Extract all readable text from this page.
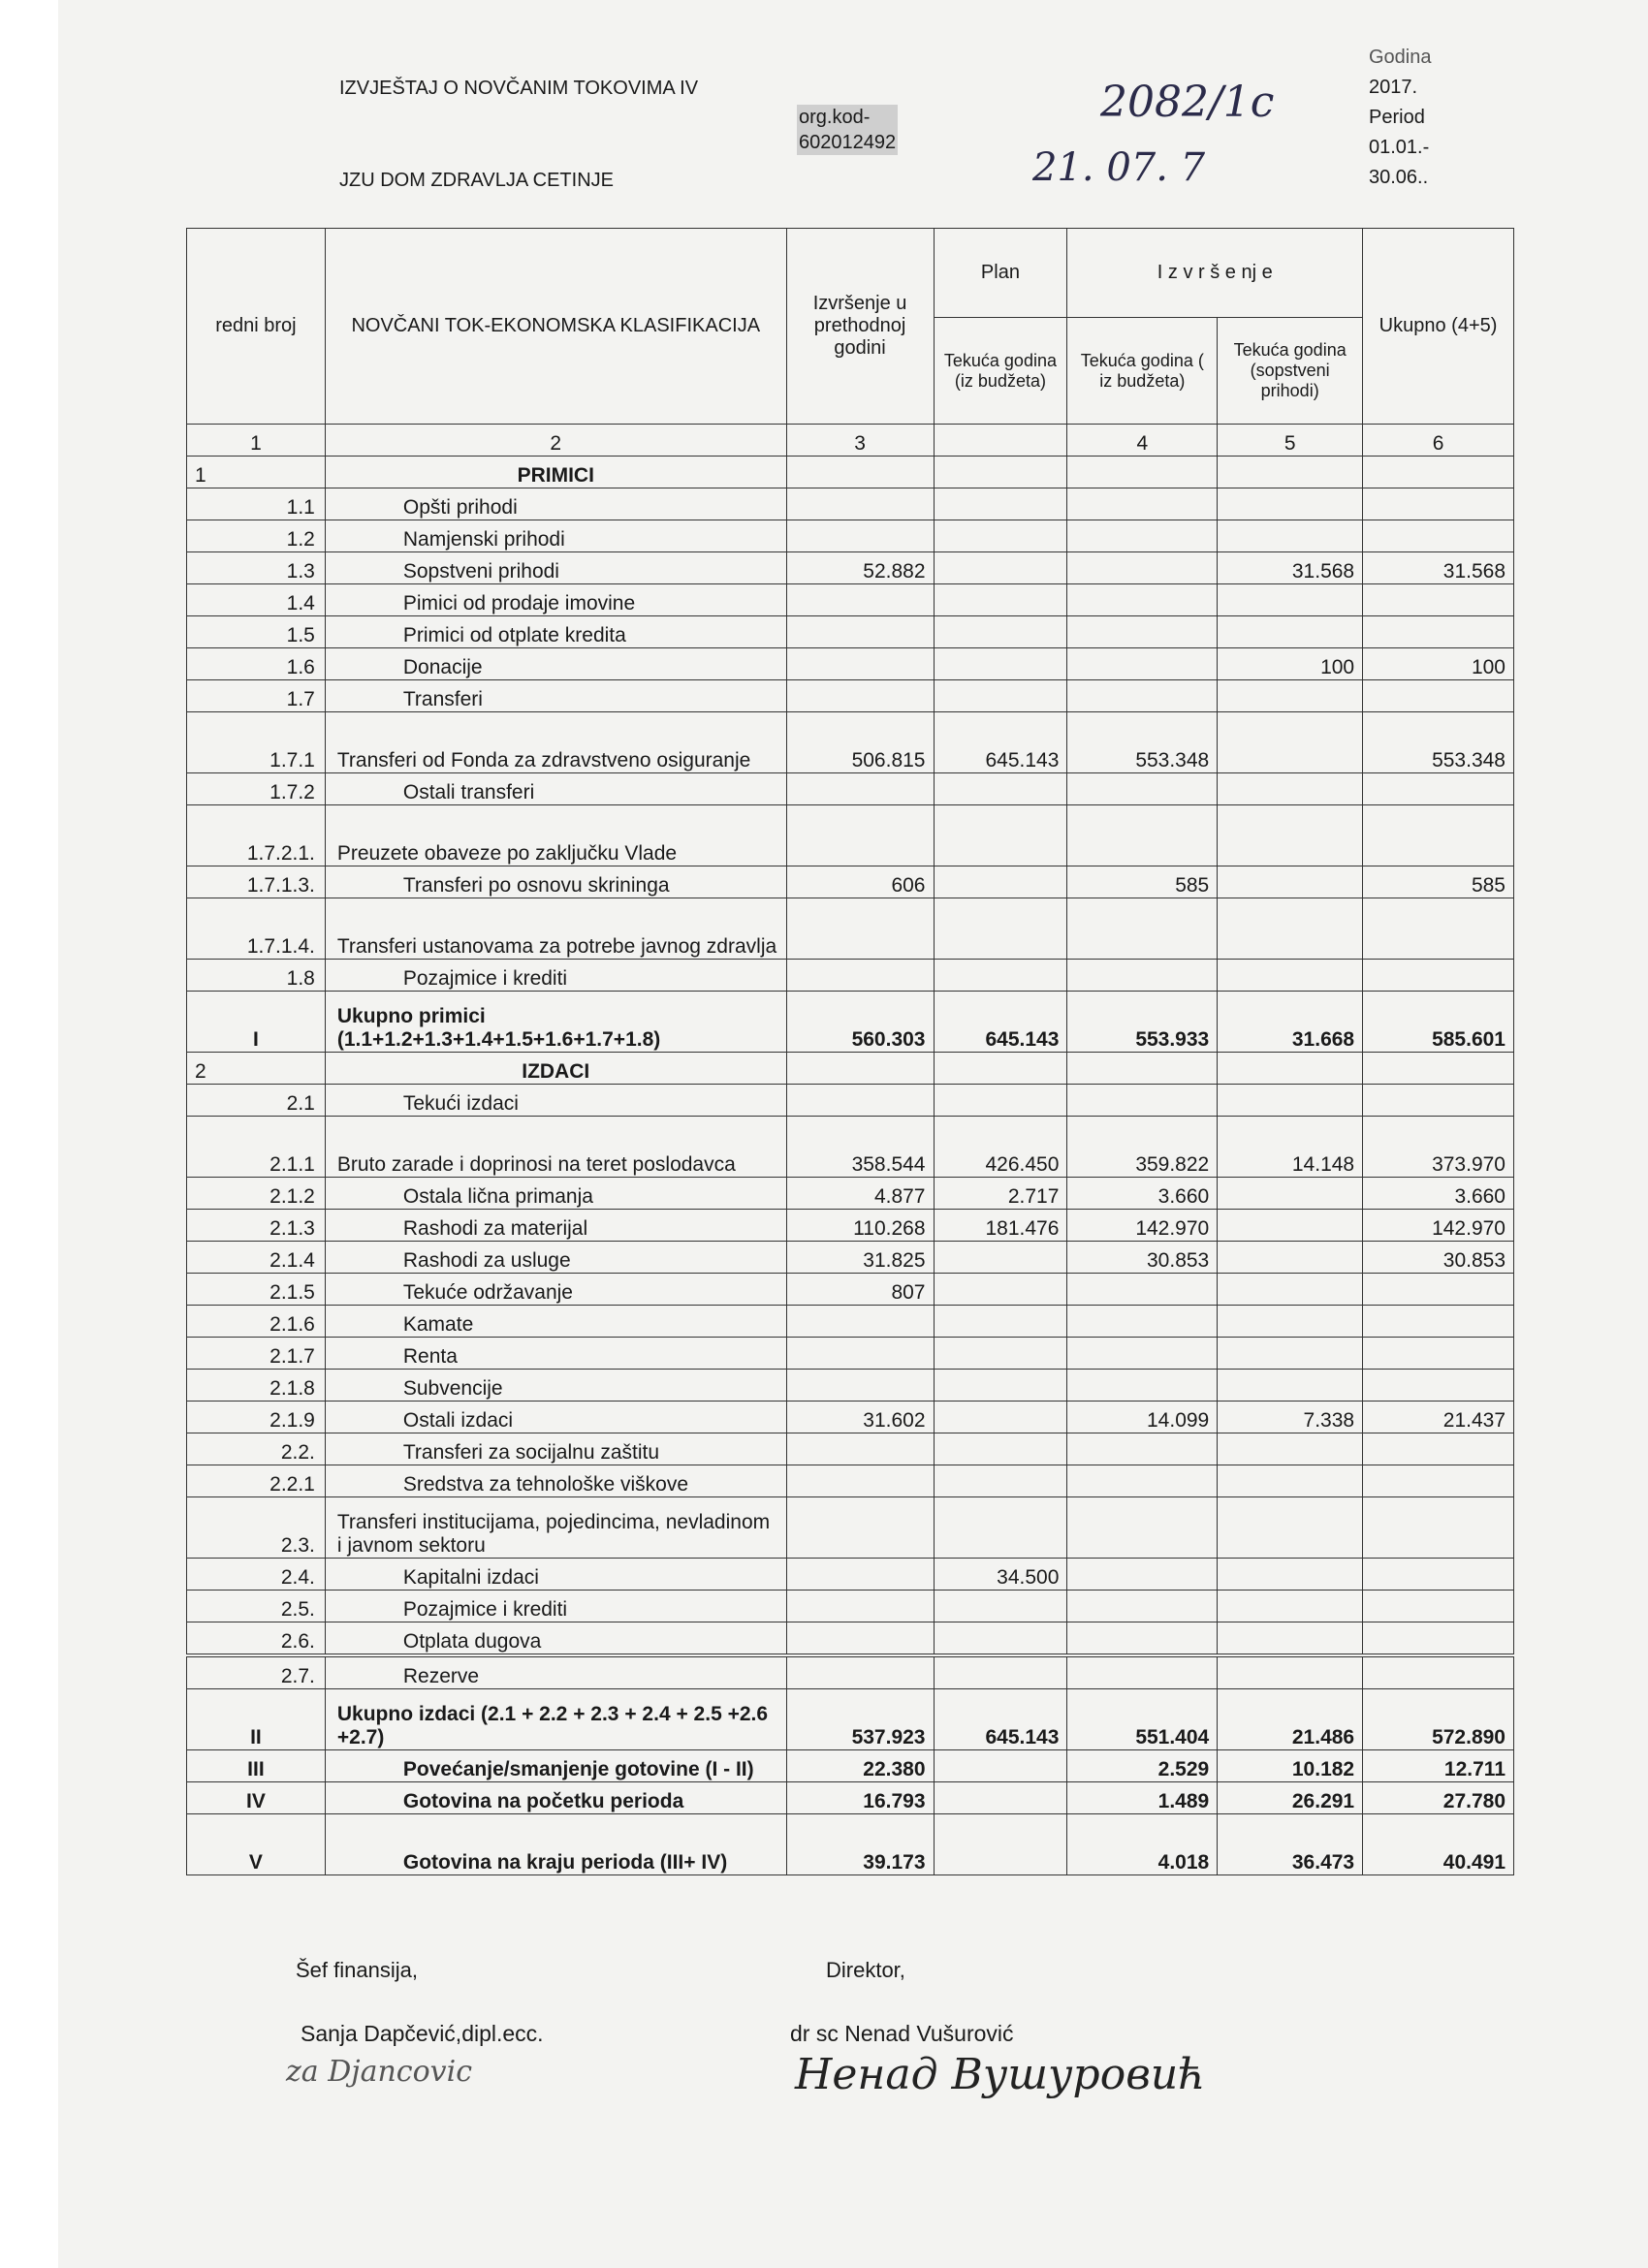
IZVJEŠTAJ O NOVČANIM TOKOVIMA IV
JZU DOM ZDRAVLJA CETINJE
org.kod-
602012492
2082/1c
21. 07. 7
Godina
2017.
Period
01.01.-
30.06..
redni broj	NOVČANI TOK-EKONOMSKA KLASIFIKACIJA	Izvršenje u prethodnoj godini	Plan	I z v r š e nj e		Ukupno (4+5)
			Tekuća godina (iz budžeta)	Tekuća godina ( iz budžeta)	Tekuća godina (sopstveni prihodi)	
1	2	3		4	5	6
1	PRIMICI					
1.1	Opšti prihodi					
1.2	Namjenski prihodi					
1.3	Sopstveni prihodi	52.882			31.568	31.568
1.4	Pimici od prodaje imovine					
1.5	Primici od otplate kredita					
1.6	Donacije				100	100
1.7	Transferi					
1.7.1	Transferi od Fonda za zdravstveno osiguranje	506.815	645.143	553.348		553.348
1.7.2	Ostali transferi					
1.7.2.1.	Preuzete obaveze po zaključku Vlade					
1.7.1.3.	Transferi po osnovu skrininga	606		585		585
1.7.1.4.	Transferi ustanovama za potrebe javnog zdravlja					
1.8	Pozajmice i krediti					
I	Ukupno primici (1.1+1.2+1.3+1.4+1.5+1.6+1.7+1.8)	560.303	645.143	553.933	31.668	585.601
2	IZDACI					
2.1	Tekući izdaci					
2.1.1	Bruto zarade i doprinosi na teret poslodavca	358.544	426.450	359.822	14.148	373.970
2.1.2	Ostala lična primanja	4.877	2.717	3.660		3.660
2.1.3	Rashodi za materijal	110.268	181.476	142.970		142.970
2.1.4	Rashodi za usluge	31.825		30.853		30.853
2.1.5	Tekuće održavanje	807				
2.1.6	Kamate					
2.1.7	Renta					
2.1.8	Subvencije					
2.1.9	Ostali izdaci	31.602		14.099	7.338	21.437
2.2.	Transferi za socijalnu zaštitu					
2.2.1	Sredstva za tehnološke viškove					
2.3.	Transferi institucijama, pojedincima, nevladinom i javnom sektoru					
2.4.	Kapitalni izdaci		34.500			
2.5.	Pozajmice i krediti					
2.6.	Otplata dugova					
2.7.	Rezerve					
II	Ukupno izdaci (2.1 + 2.2 + 2.3 + 2.4 + 2.5 +2.6 +2.7)	537.923	645.143	551.404	21.486	572.890
III	Povećanje/smanjenje gotovine (I - II)	22.380		2.529	10.182	12.711
IV	Gotovina na početku perioda	16.793		1.489	26.291	27.780
V	Gotovina na kraju perioda (III+ IV)	39.173		4.018	36.473	40.491
Šef finansija,	Direktor,
Sanja Dapčević,dipl.ecc.	dr sc Nenad Vušurović
za Djancovic	Ненад Вушуровић
